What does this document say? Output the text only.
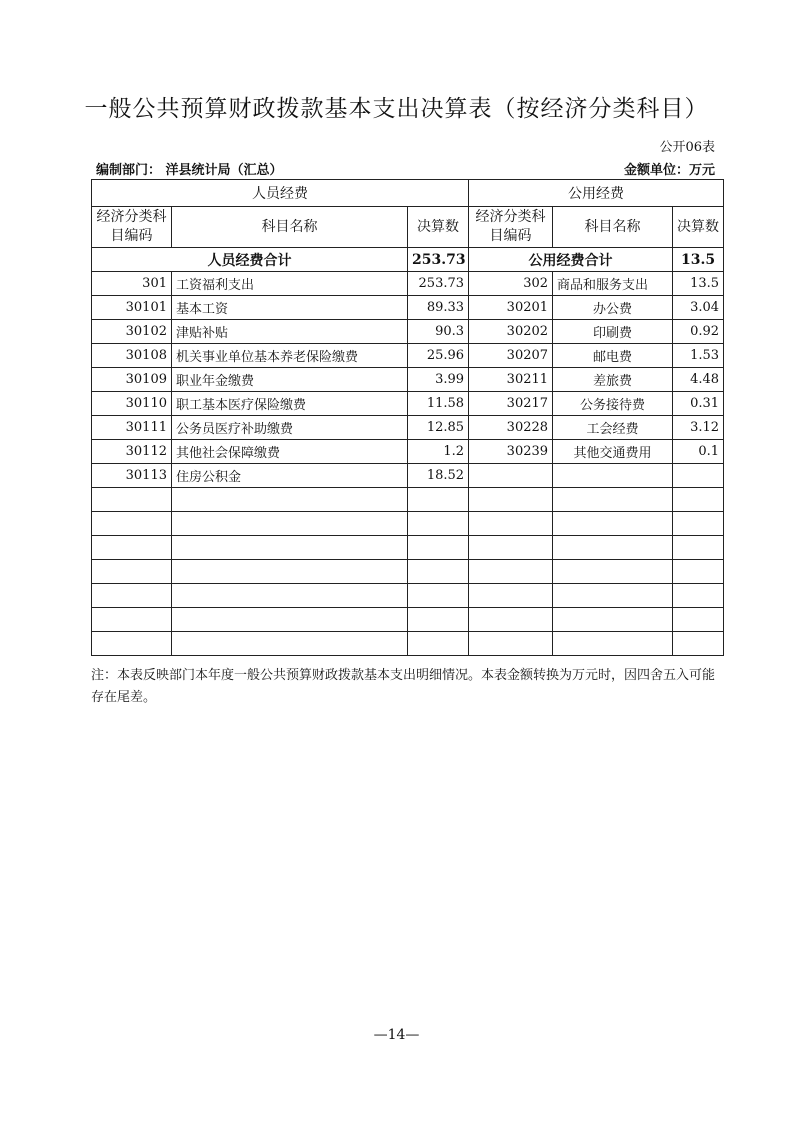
一般公共预算财政拨款基本支出决算表（按经济分类科目）
公开06表
编制部门： 洋县统计局（汇总）	金额单位：万元
人员经费			公用经费		
经济分类科目编码	科目名称	决算数	经济分类科目编码	科目名称	决算数
人员经费合计		253.73	公用经费合计		13.5
301	工资福利支出	253.73	302	商品和服务支出	13.5
30101	基本工资	89.33	30201	办公费	3.04
30102	津贴补贴	90.3	30202	印刷费	0.92
30108	机关事业单位基本养老保险缴费	25.96	30207	邮电费	1.53
30109	职业年金缴费	3.99	30211	差旅费	4.48
30110	职工基本医疗保险缴费	11.58	30217	公务接待费	0.31
30111	公务员医疗补助缴费	12.85	30228	工会经费	3.12
30112	其他社会保障缴费	1.2	30239	其他交通费用	0.1
30113	住房公积金	18.52			

注：本表反映部门本年度一般公共预算财政拨款基本支出明细情况。本表金额转换为万元时，因四舍五入可能存在尾差。
—14—
